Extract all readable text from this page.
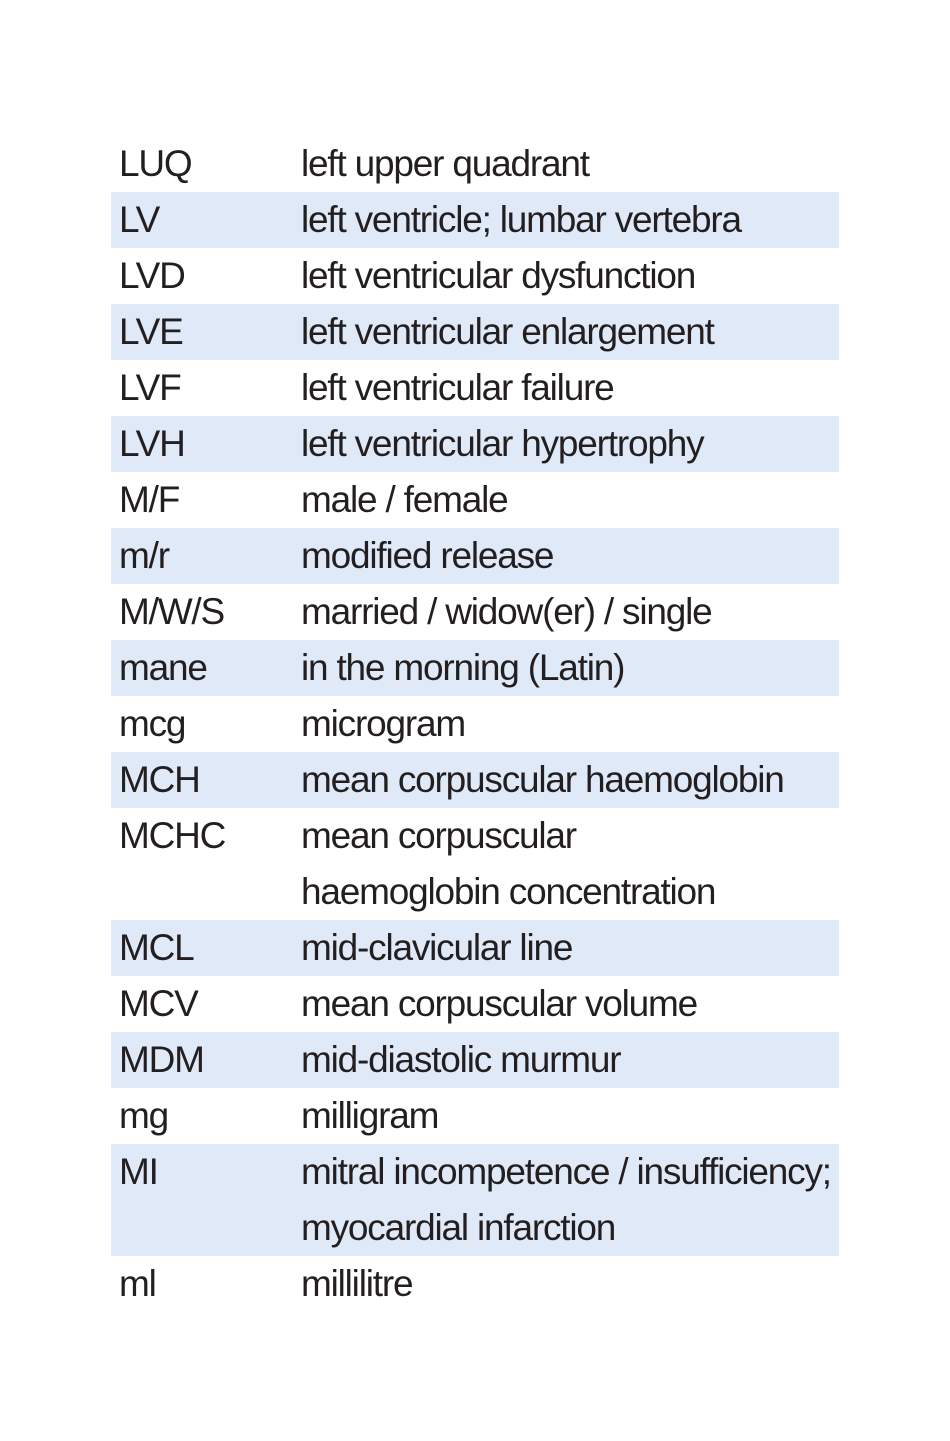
LUQ	left upper quadrant
LV	left ventricle; lumbar vertebra
LVD	left ventricular dysfunction
LVE	left ventricular enlargement
LVF	left ventricular failure
LVH	left ventricular hypertrophy
M/F	male / female
m/r	modified release
M/W/S	married / widow(er) / single
mane	in the morning (Latin)
mcg	microgram
MCH	mean corpuscular haemoglobin
MCHC	mean corpuscular
haemoglobin concentration
MCL	mid-clavicular line
MCV	mean corpuscular volume
MDM	mid-diastolic murmur
mg	milligram
MI	mitral incompetence / insufficiency;
myocardial infarction
ml	millilitre
